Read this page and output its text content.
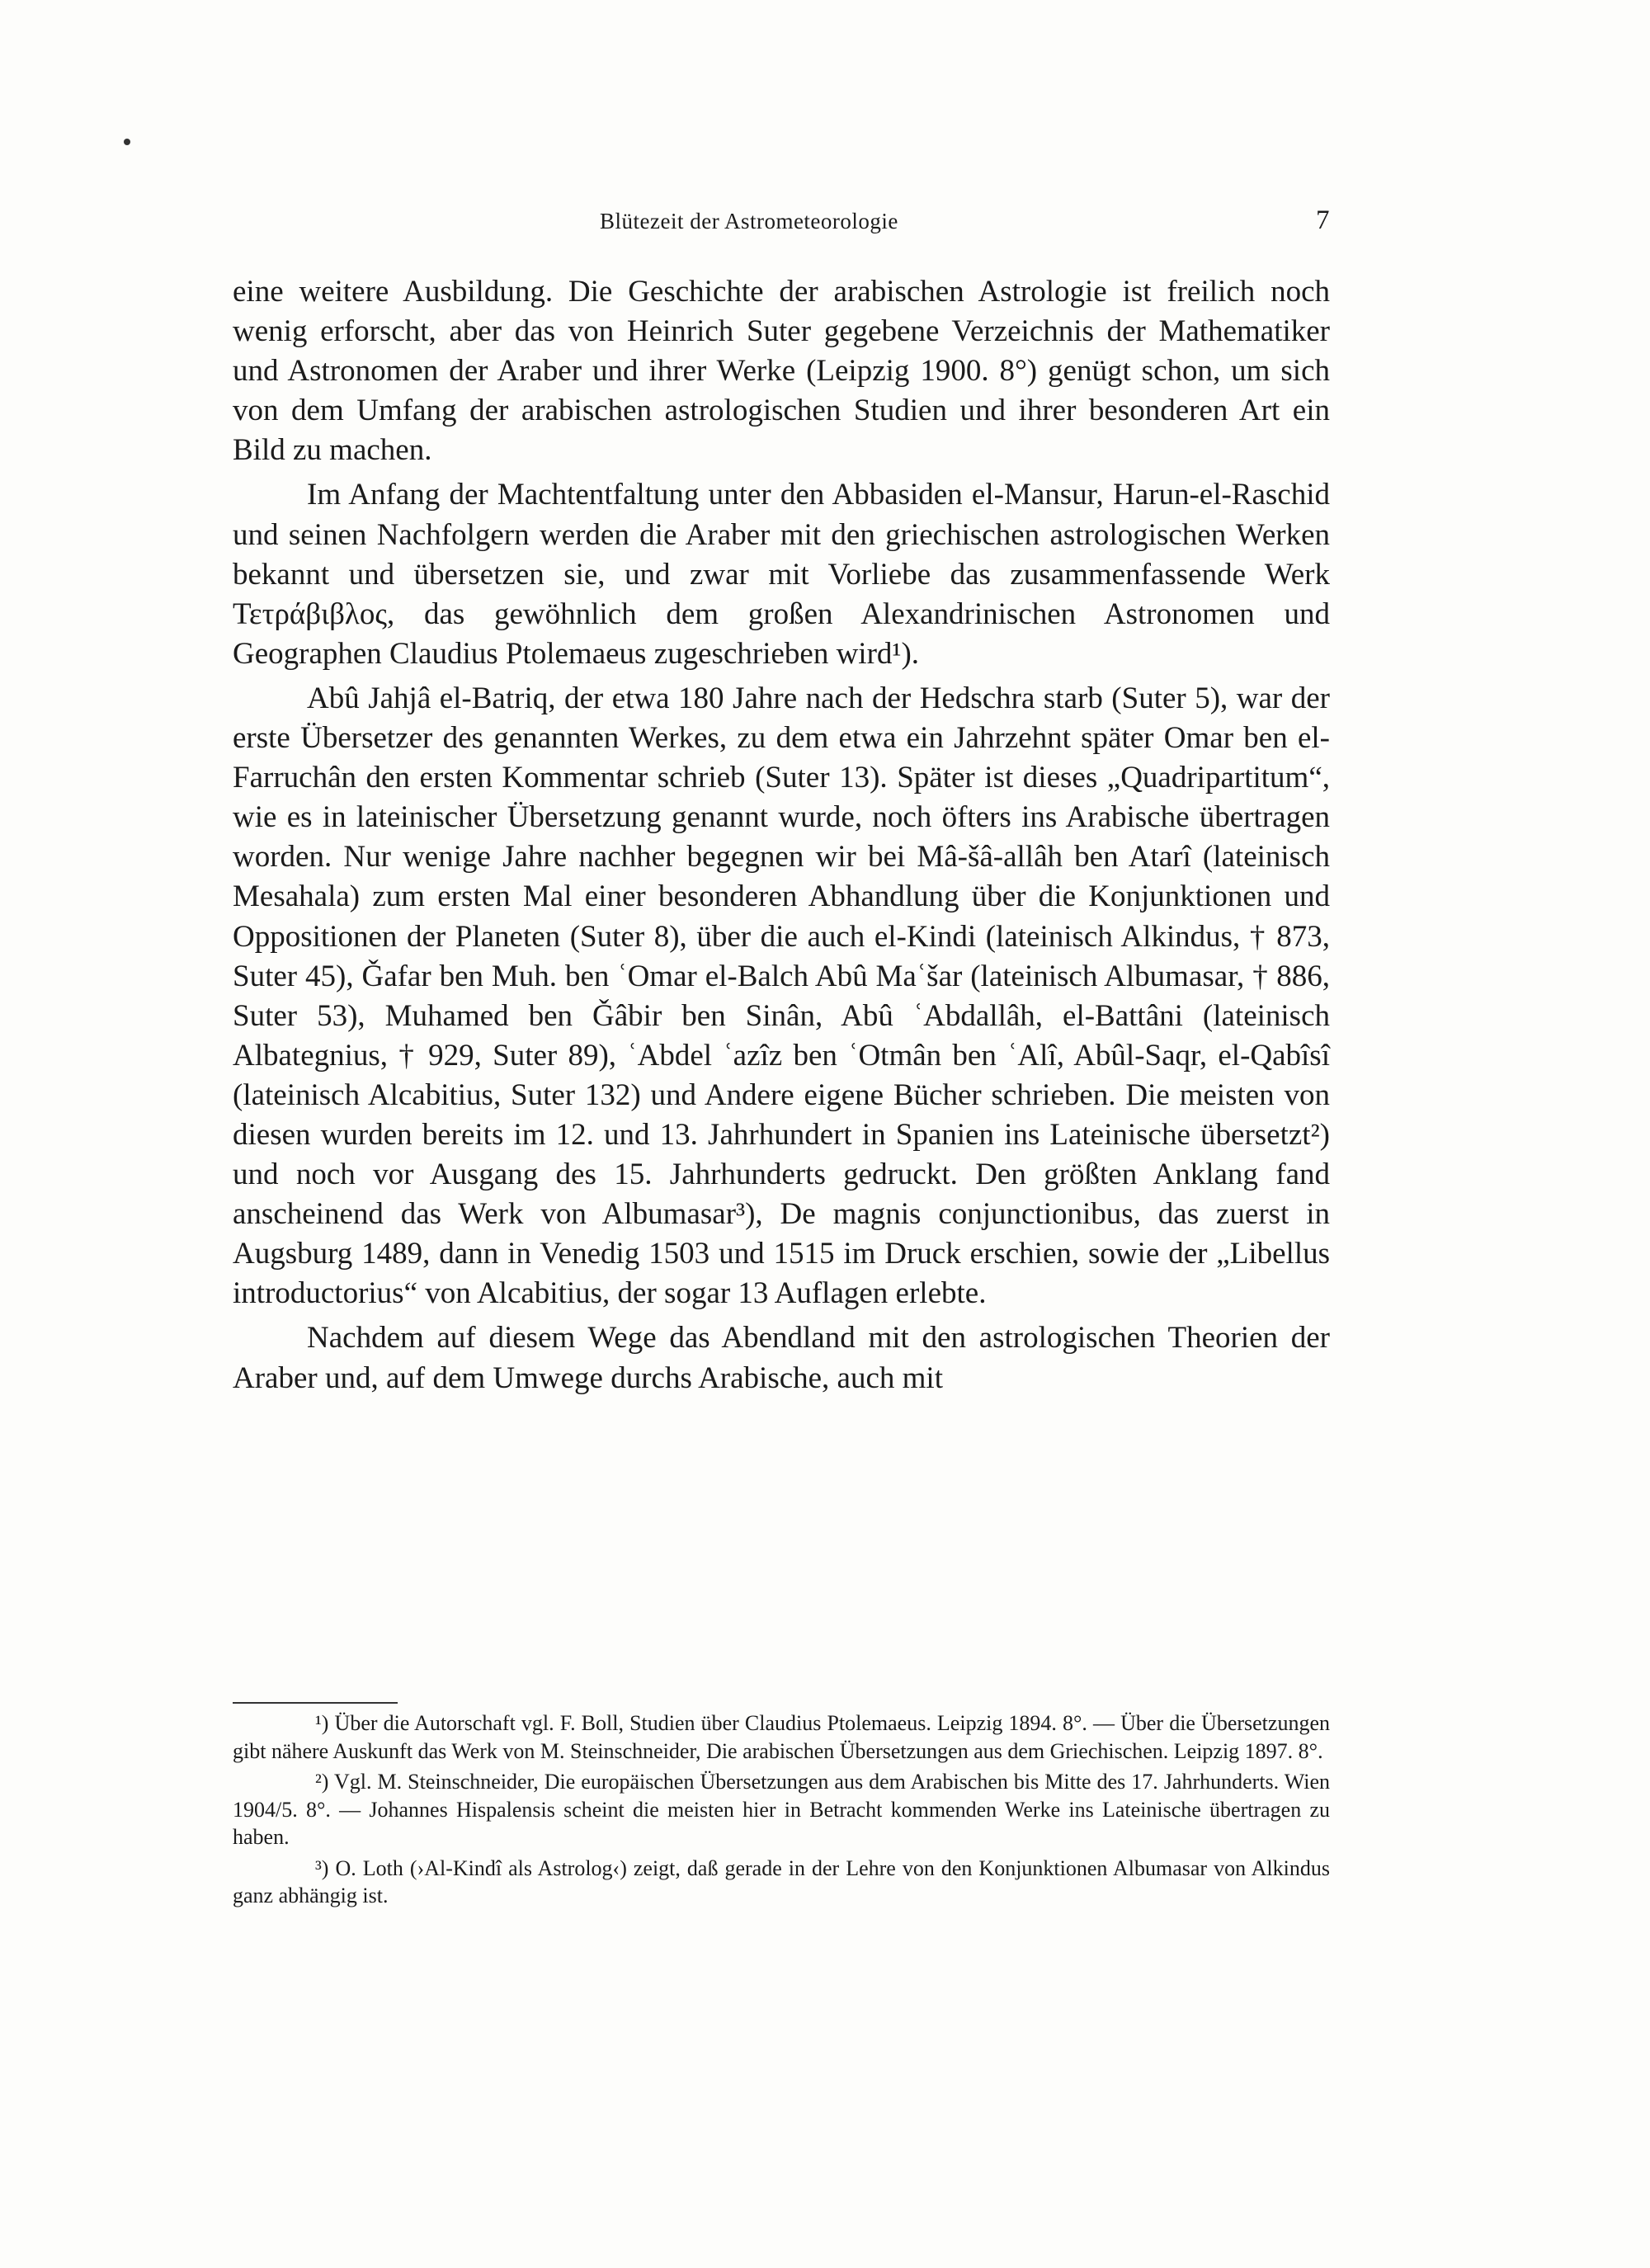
Blütezeit der Astrometeorologie	7

eine weitere Ausbildung. Die Geschichte der arabischen Astrologie ist freilich noch wenig erforscht, aber das von Heinrich Suter gegebene Verzeichnis der Mathematiker und Astronomen der Araber und ihrer Werke (Leipzig 1900. 8°) genügt schon, um sich von dem Umfang der arabischen astrologischen Studien und ihrer besonderen Art ein Bild zu machen.

Im Anfang der Machtentfaltung unter den Abbasiden el-Mansur, Harun-el-Raschid und seinen Nachfolgern werden die Araber mit den griechischen astrologischen Werken bekannt und übersetzen sie, und zwar mit Vorliebe das zusammenfassende Werk Τετράβιβλος, das gewöhnlich dem großen Alexandrinischen Astronomen und Geographen Claudius Ptolemaeus zugeschrieben wird¹).

Abû Jahjâ el-Batriq, der etwa 180 Jahre nach der Hedschra starb (Suter 5), war der erste Übersetzer des genannten Werkes, zu dem etwa ein Jahrzehnt später Omar ben el-Farruchân den ersten Kommentar schrieb (Suter 13). Später ist dieses „Quadripartitum“, wie es in lateinischer Übersetzung genannt wurde, noch öfters ins Arabische übertragen worden. Nur wenige Jahre nachher begegnen wir bei Mâ-šâ-allâh ben Atarî (lateinisch Mesahala) zum ersten Mal einer besonderen Abhandlung über die Konjunktionen und Oppositionen der Planeten (Suter 8), über die auch el-Kindi (lateinisch Alkindus, † 873, Suter 45), Ǧafar ben Muh. ben ʿOmar el-Balch Abû Maʿšar (lateinisch Albumasar, † 886, Suter 53), Muhamed ben Ǧâbir ben Sinân, Abû ʿAbdallâh, el-Battâni (lateinisch Albategnius, † 929, Suter 89), ʿAbdel ʿazîz ben ʿOtmân ben ʿAlî, Abûl-Saqr, el-Qabîsî (lateinisch Alcabitius, Suter 132) und Andere eigene Bücher schrieben. Die meisten von diesen wurden bereits im 12. und 13. Jahrhundert in Spanien ins Lateinische übersetzt²) und noch vor Ausgang des 15. Jahrhunderts gedruckt. Den größten Anklang fand anscheinend das Werk von Albumasar³), De magnis conjunctionibus, das zuerst in Augsburg 1489, dann in Venedig 1503 und 1515 im Druck erschien, sowie der „Libellus introductorius“ von Alcabitius, der sogar 13 Auflagen erlebte.

Nachdem auf diesem Wege das Abendland mit den astrologischen Theorien der Araber und, auf dem Umwege durchs Arabische, auch mit

¹) Über die Autorschaft vgl. F. Boll, Studien über Claudius Ptolemaeus. Leipzig 1894. 8°. — Über die Übersetzungen gibt nähere Auskunft das Werk von M. Steinschneider, Die arabischen Übersetzungen aus dem Griechischen. Leipzig 1897. 8°.

²) Vgl. M. Steinschneider, Die europäischen Übersetzungen aus dem Arabischen bis Mitte des 17. Jahrhunderts. Wien 1904/5. 8°. — Johannes Hispalensis scheint die meisten hier in Betracht kommenden Werke ins Lateinische übertragen zu haben.

³) O. Loth (›Al-Kindî als Astrolog‹) zeigt, daß gerade in der Lehre von den Konjunktionen Albumasar von Alkindus ganz abhängig ist.
